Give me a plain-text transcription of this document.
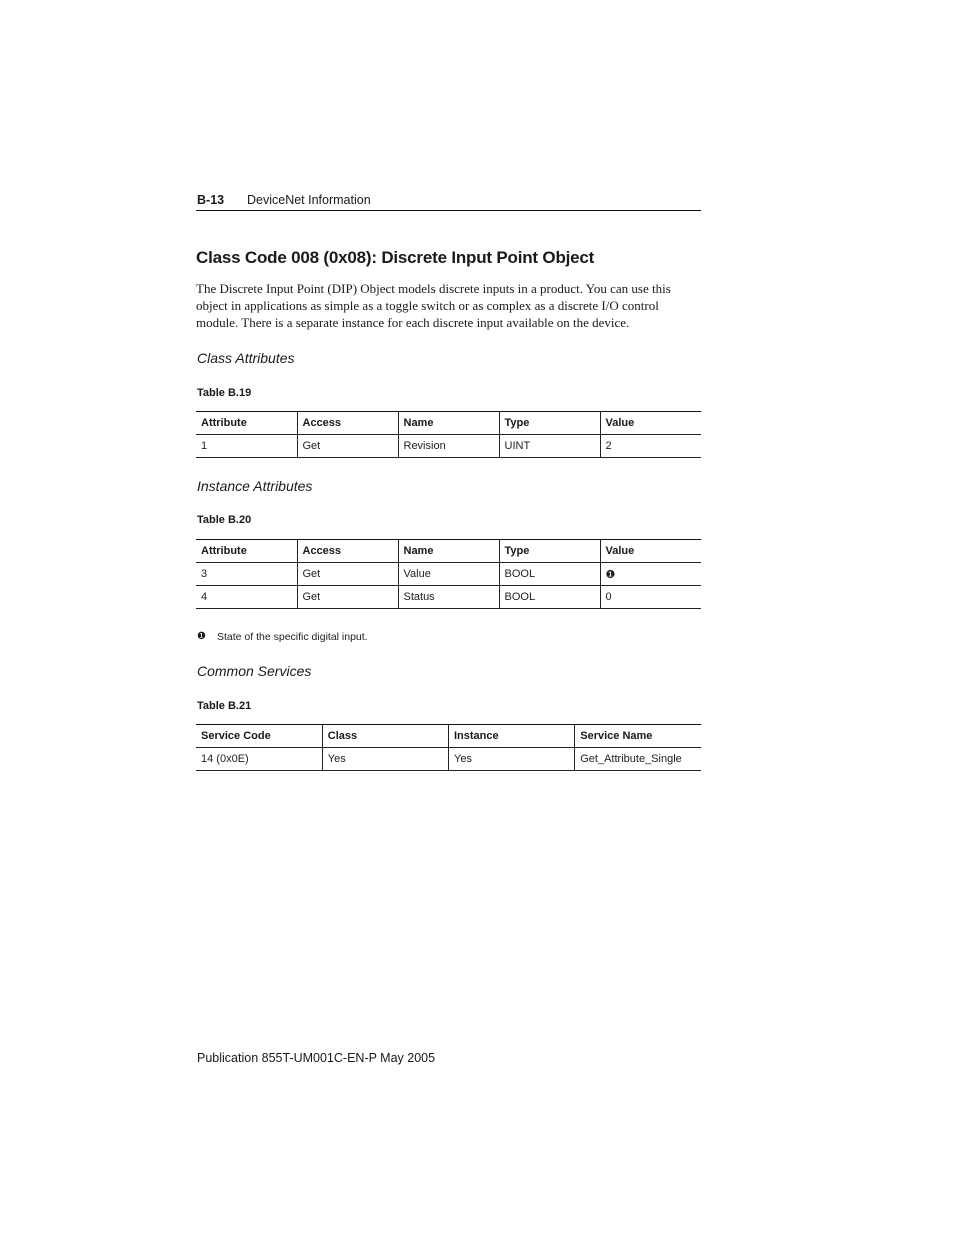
B-13 DeviceNet Information
Class Code 008 (0x08): Discrete Input Point Object
The Discrete Input Point (DIP) Object models discrete inputs in a product. You can use this
object in applications as simple as a toggle switch or as complex as a discrete I/O control
module. There is a separate instance for each discrete input available on the device.
Class Attributes
Table B.19
Attribute	Access	Name	Type	Value
1	Get	Revision	UINT	2
Instance Attributes
Table B.20
Attribute	Access	Name	Type	Value
3	Get	Value	BOOL	❶
4	Get	Status	BOOL	0
❶ State of the specific digital input.
Common Services
Table B.21
Service Code	Class	Instance	Service Name
14 (0x0E)	Yes	Yes	Get_Attribute_Single
Publication 855T-UM001C-EN-P May 2005
